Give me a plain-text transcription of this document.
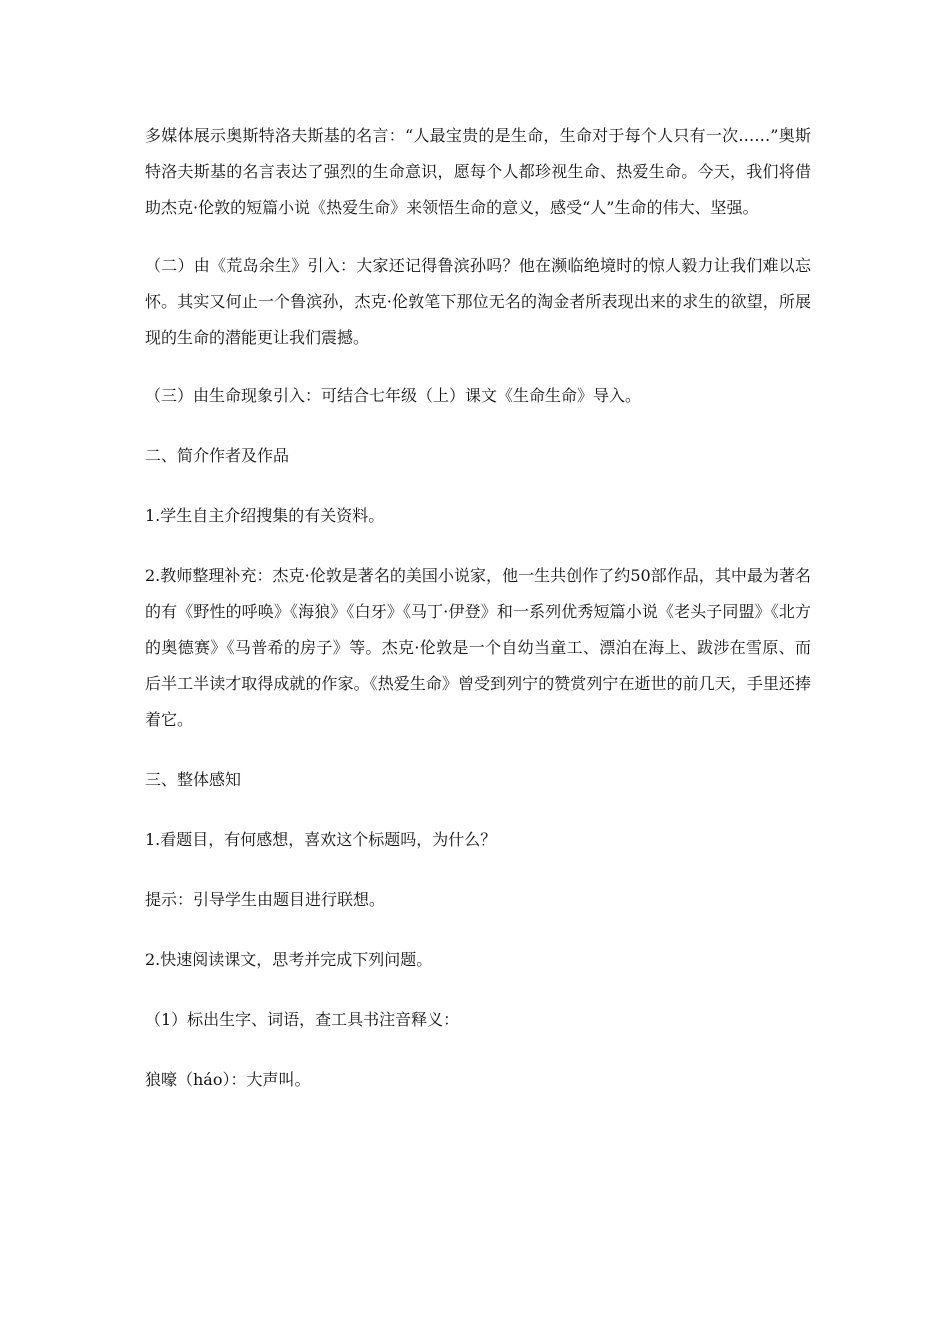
多媒体展示奥斯特洛夫斯基的名言：“人最宝贵的是生命，生命对于每个人只有一次……”奥斯特洛夫斯基的名言表达了强烈的生命意识，愿每个人都珍视生命、热爱生命。今天，我们将借助杰克·伦敦的短篇小说《热爱生命》来领悟生命的意义，感受“人”生命的伟大、坚强。

（二）由《荒岛余生》引入：大家还记得鲁滨孙吗？他在濒临绝境时的惊人毅力让我们难以忘怀。其实又何止一个鲁滨孙，杰克·伦敦笔下那位无名的淘金者所表现出来的求生的欲望，所展现的生命的潜能更让我们震撼。

（三）由生命现象引入：可结合七年级（上）课文《生命生命》导入。

二、简介作者及作品

1.学生自主介绍搜集的有关资料。

2.教师整理补充：杰克·伦敦是著名的美国小说家，他一生共创作了约50部作品，其中最为著名的有《野性的呼唤》《海狼》《白牙》《马丁·伊登》和一系列优秀短篇小说《老头子同盟》《北方的奥德赛》《马普希的房子》等。杰克·伦敦是一个自幼当童工、漂泊在海上、跋涉在雪原、而后半工半读才取得成就的作家。《热爱生命》曾受到列宁的赞赏列宁在逝世的前几天，手里还捧着它。

三、整体感知

1.看题目，有何感想，喜欢这个标题吗，为什么？

提示：引导学生由题目进行联想。

2.快速阅读课文，思考并完成下列问题。

（1）标出生字、词语，查工具书注音释义：

狼嚎（háo）：大声叫。
